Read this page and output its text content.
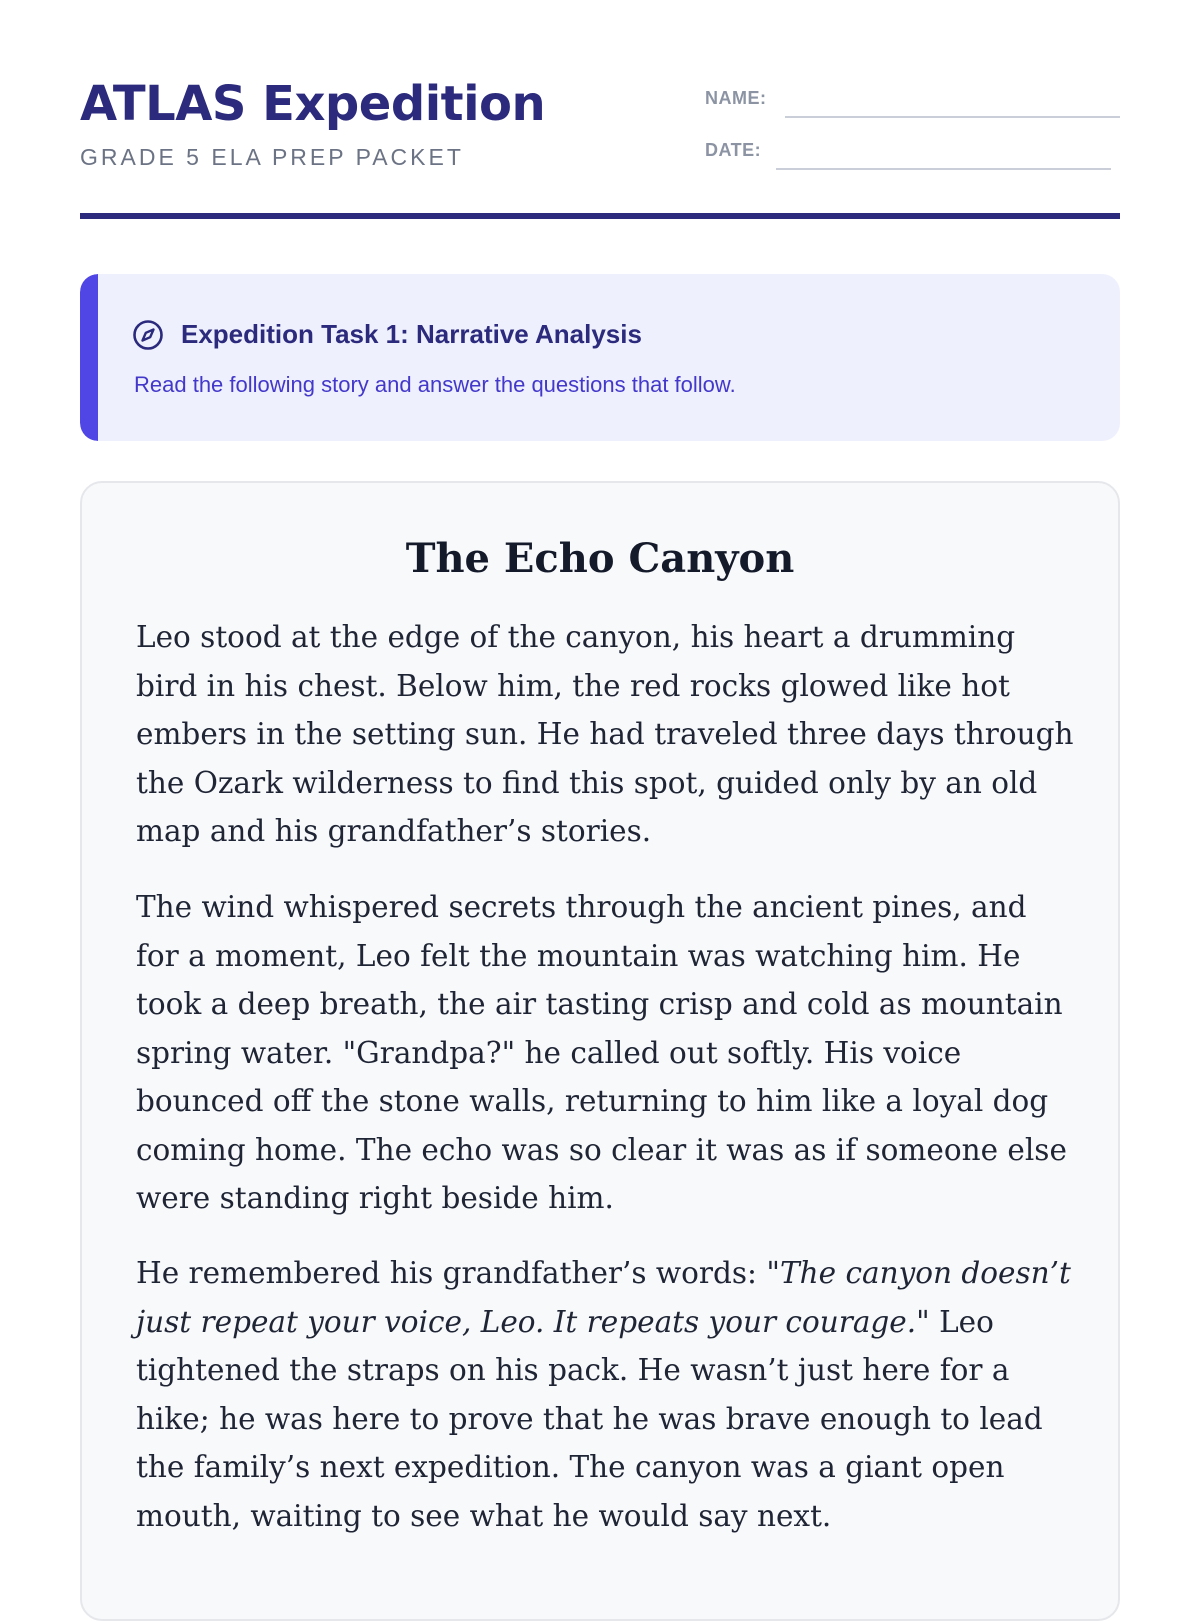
ATLAS Expedition
GRADE 5 ELA PREP PACKET
NAME:
DATE:
Expedition Task 1: Narrative Analysis
Read the following story and answer the questions that follow.
The Echo Canyon

Leo stood at the edge of the canyon, his heart a drumming bird in his chest. Below him, the red rocks glowed like hot embers in the setting sun. He had traveled three days through the Ozark wilderness to find this spot, guided only by an old map and his grandfather’s stories.

The wind whispered secrets through the ancient pines, and for a moment, Leo felt the mountain was watching him. He took a deep breath, the air tasting crisp and cold as mountain spring water. "Grandpa?" he called out softly. His voice bounced off the stone walls, returning to him like a loyal dog coming home. The echo was so clear it was as if someone else were standing right beside him.

He remembered his grandfather’s words: "The canyon doesn’t just repeat your voice, Leo. It repeats your courage." Leo tightened the straps on his pack. He wasn’t just here for a hike; he was here to prove that he was brave enough to lead the family’s next expedition. The canyon was a giant open mouth, waiting to see what he would say next.
